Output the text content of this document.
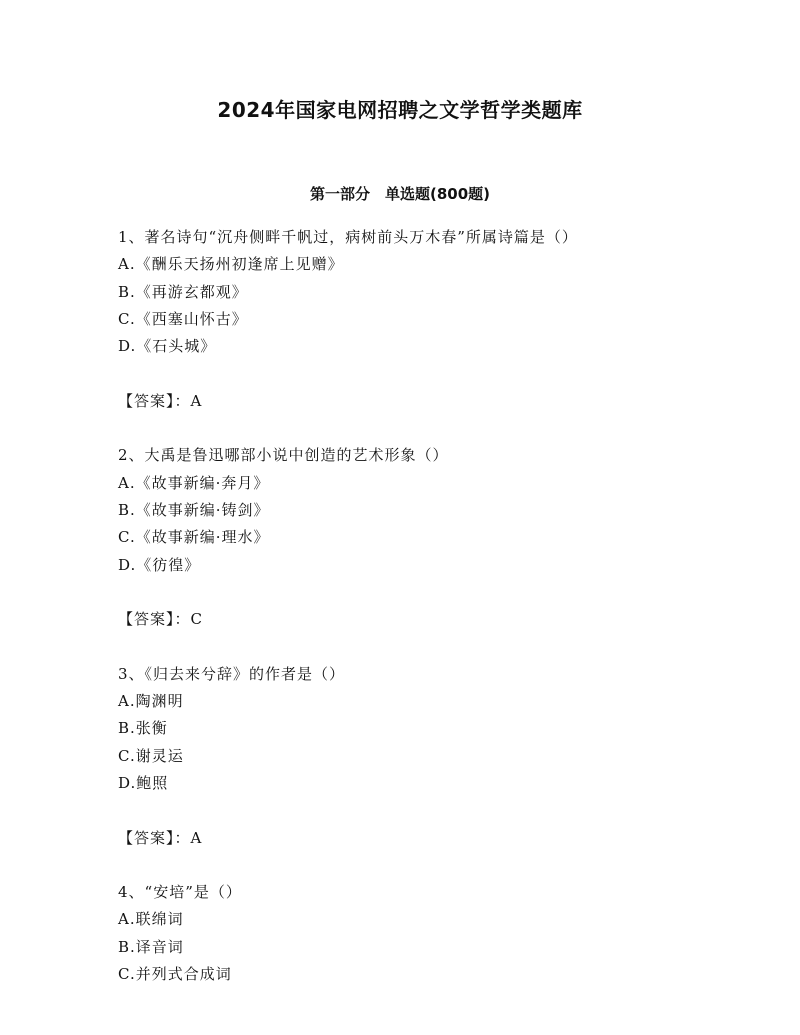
2024年国家电网招聘之文学哲学类题库
第一部分　单选题(800题)
1、著名诗句“沉舟侧畔千帆过，病树前头万木春”所属诗篇是（）
A.《酬乐天扬州初逢席上见赠》
B.《再游玄都观》
C.《西塞山怀古》
D.《石头城》
【答案】：A
2、大禹是鲁迅哪部小说中创造的艺术形象（）
A.《故事新编·奔月》
B.《故事新编·铸剑》
C.《故事新编·理水》
D.《彷徨》
【答案】：C
3、《归去来兮辞》的作者是（）
A.陶渊明
B.张衡
C.谢灵运
D.鲍照
【答案】：A
4、“安培”是（）
A.联绵词
B.译音词
C.并列式合成词
